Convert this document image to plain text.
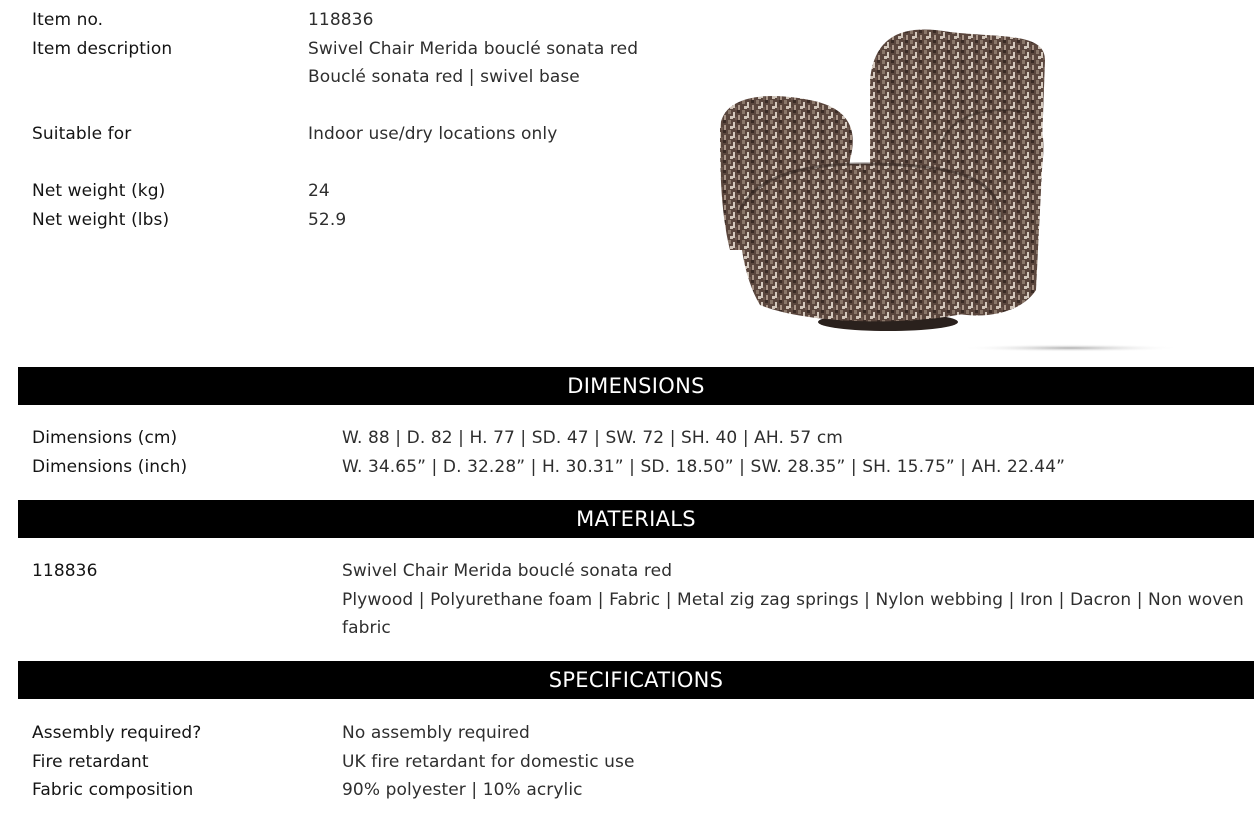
Item no.	118836
Item description	Swivel Chair Merida bouclé sonata red
Bouclé sonata red | swivel base
Suitable for	Indoor use/dry locations only
Net weight (kg)	24
Net weight (lbs)	52.9
DIMENSIONS
Dimensions (cm)	W. 88 | D. 82 | H. 77 | SD. 47 | SW. 72 | SH. 40 | AH. 57 cm
Dimensions (inch)	W. 34.65” | D. 32.28” | H. 30.31” | SD. 18.50” | SW. 28.35” | SH. 15.75” | AH. 22.44”
MATERIALS
118836	Swivel Chair Merida bouclé sonata red
Plywood | Polyurethane foam | Fabric | Metal zig zag springs | Nylon webbing | Iron | Dacron | Non woven fabric
SPECIFICATIONS
Assembly required?	No assembly required
Fire retardant	UK fire retardant for domestic use
Fabric composition	90% polyester | 10% acrylic
